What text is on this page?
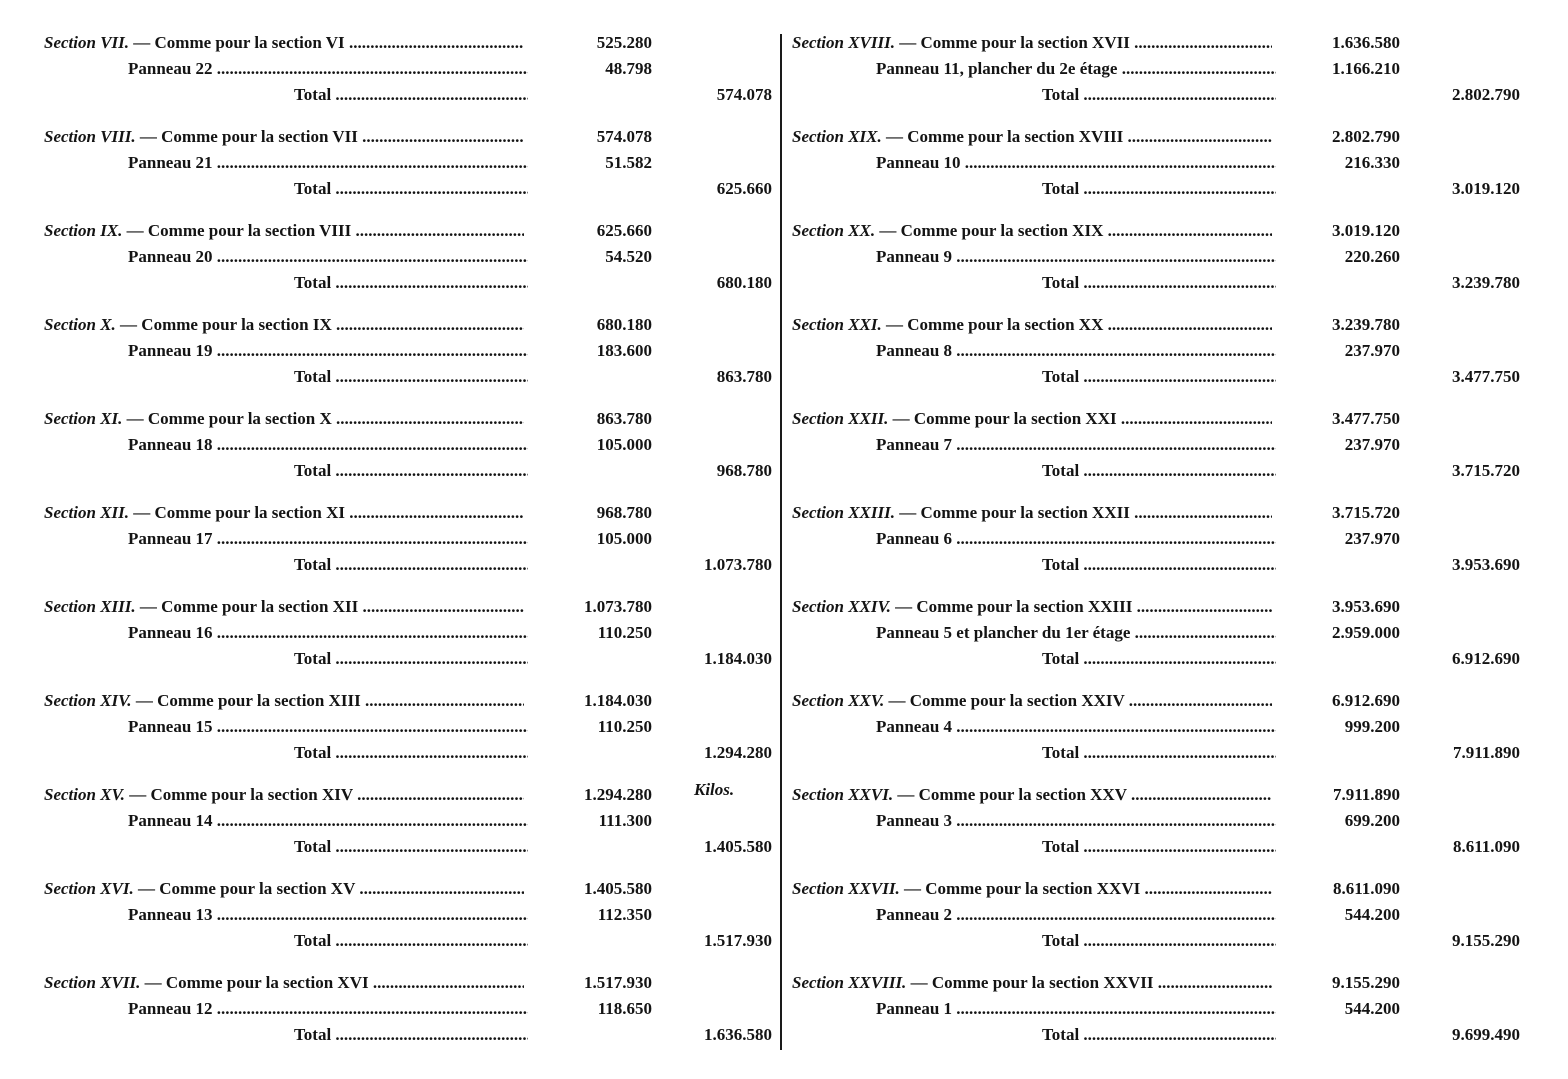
Kilos.
Section VII. — Comme pour la section VI .....	525.280
Panneau 22 .....	48.798
Total .....	574.078
Section VIII. — Comme pour la section VII .....	574.078
Panneau 21 .....	51.582
Total .....	625.660
Section IX. — Comme pour la section VIII .....	625.660
Panneau 20 .....	54.520
Total .....	680.180
Section X. — Comme pour la section IX .....	680.180
Panneau 19 .....	183.600
Total .....	863.780
Section XI. — Comme pour la section X .....	863.780
Panneau 18 .....	105.000
Total .....	968.780
Section XII. — Comme pour la section XI .....	968.780
Panneau 17 .....	105.000
Total .....	1.073.780
Section XIII. — Comme pour la section XII .....	1.073.780
Panneau 16 .....	110.250
Total .....	1.184.030
Section XIV. — Comme pour la section XIII .....	1.184.030
Panneau 15 .....	110.250
Total .....	1.294.280
Section XV. — Comme pour la section XIV .....	1.294.280
Panneau 14 .....	111.300
Total .....	1.405.580
Section XVI. — Comme pour la section XV .....	1.405.580
Panneau 13 .....	112.350
Total .....	1.517.930
Section XVII. — Comme pour la section XVI .....	1.517.930
Panneau 12 .....	118.650
Total .....	1.636.580
Section XVIII. — Comme pour la section XVII .....	1.636.580
Panneau 11, plancher du 2e étage .....	1.166.210
Total .....	2.802.790
Section XIX. — Comme pour la section XVIII .....	2.802.790
Panneau 10 .....	216.330
Total .....	3.019.120
Section XX. — Comme pour la section XIX .....	3.019.120
Panneau 9 .....	220.260
Total .....	3.239.780
Section XXI. — Comme pour la section XX .....	3.239.780
Panneau 8 .....	237.970
Total .....	3.477.750
Section XXII. — Comme pour la section XXI .....	3.477.750
Panneau 7 .....	237.970
Total .....	3.715.720
Section XXIII. — Comme pour la section XXII .....	3.715.720
Panneau 6 .....	237.970
Total .....	3.953.690
Section XXIV. — Comme pour la section XXIII .....	3.953.690
Panneau 5 et plancher du 1er étage .....	2.959.000
Total .....	6.912.690
Section XXV. — Comme pour la section XXIV .....	6.912.690
Panneau 4 .....	999.200
Total .....	7.911.890
Section XXVI. — Comme pour la section XXV .....	7.911.890
Panneau 3 .....	699.200
Total .....	8.611.090
Section XXVII. — Comme pour la section XXVI .....	8.611.090
Panneau 2 .....	544.200
Total .....	9.155.290
Section XXVIII. — Comme pour la section XXVII .....	9.155.290
Panneau 1 .....	544.200
Total .....	9.699.490
